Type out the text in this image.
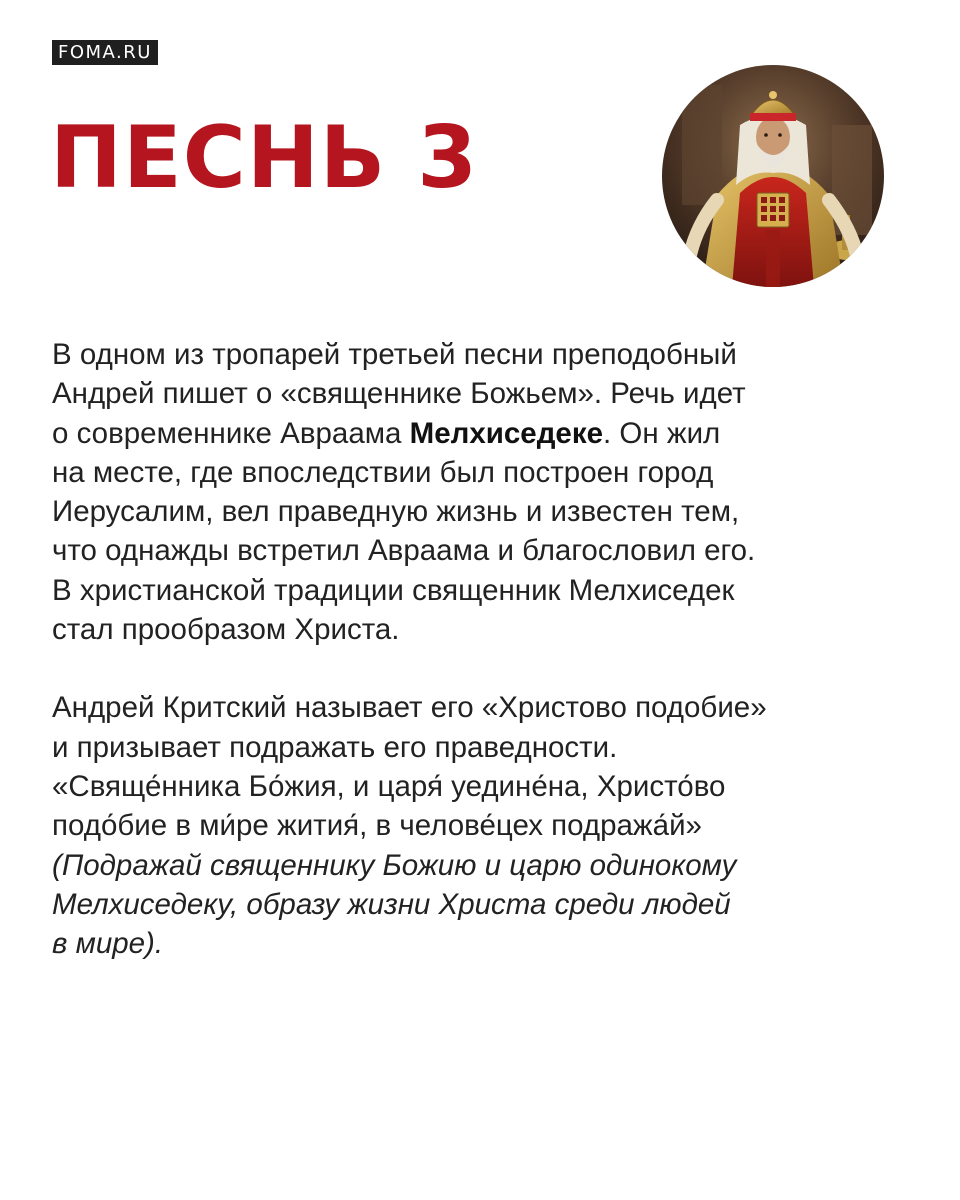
FOMA.RU
ПЕСНЬ 3

В одном из тропарей третьей песни преподобный
Андрей пишет о «священнике Божьем». Речь идет
о современнике Авраама Мелхиседеке. Он жил
на месте, где впоследствии был построен город
Иерусалим, вел праведную жизнь и известен тем,
что однажды встретил Авраама и благословил его.
В христианской традиции священник Мелхиседек
стал прообразом Христа.

Андрей Критский называет его «Христово подобие»
и призывает подражать его праведности.
«Свяще́нника Бо́жия, и царя́ уедине́на, Христо́во
подо́бие в ми́ре жития́, в челове́цех подража́й»
(Подражай священнику Божию и царю одинокому
Мелхиседеку, образу жизни Христа среди людей
в мире).
